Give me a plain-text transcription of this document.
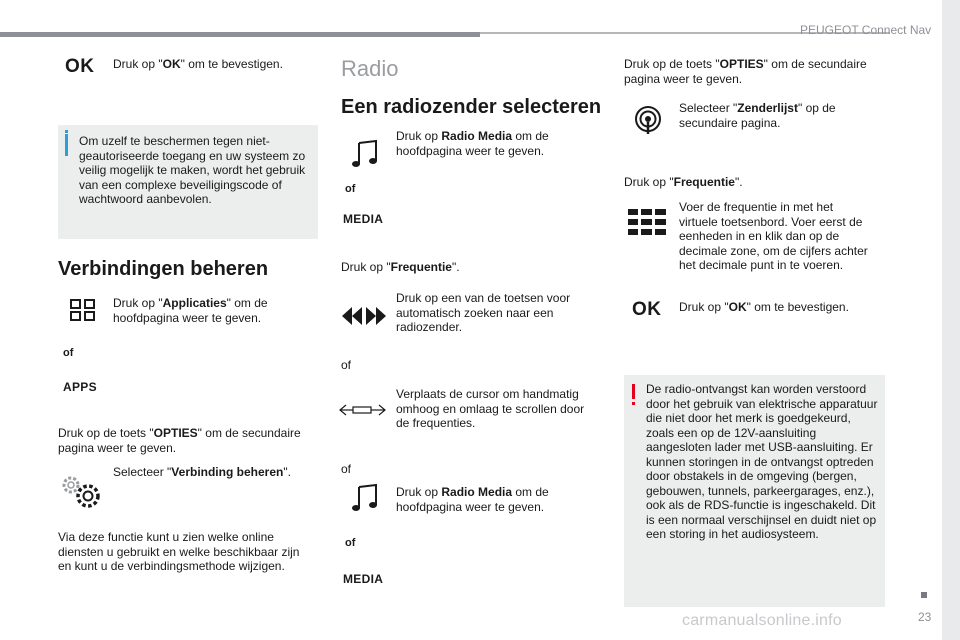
PEUGEOT Connect Nav
23
carmanualsonline.info
OK Druk op "OK" om te bevestigen.
Om uzelf te beschermen tegen niet-geautoriseerde toegang en uw systeem zo veilig mogelijk te maken, wordt het gebruik van een complexe beveiligingscode of wachtwoord aanbevolen.
Verbindingen beheren
Druk op "Applicaties" om de hoofdpagina weer te geven.
of
APPS
Druk op de toets "OPTIES" om de secundaire pagina weer te geven.
Selecteer "Verbinding beheren".
Via deze functie kunt u zien welke online diensten u gebruikt en welke beschikbaar zijn en kunt u de verbindingsmethode wijzigen.
Radio
Een radiozender selecteren
Druk op Radio Media om de hoofdpagina weer te geven.
of
MEDIA
Druk op "Frequentie".
Druk op een van de toetsen voor automatisch zoeken naar een radiozender.
of
Verplaats de cursor om handmatig omhoog en omlaag te scrollen door de frequenties.
of
Druk op Radio Media om de hoofdpagina weer te geven.
of
MEDIA
Druk op de toets "OPTIES" om de secundaire pagina weer te geven.
Selecteer "Zenderlijst" op de secundaire pagina.
Druk op "Frequentie".
Voer de frequentie in met het virtuele toetsenbord. Voer eerst de eenheden in en klik dan op de decimale zone, om de cijfers achter het decimale punt in te voeren.
OK Druk op "OK" om te bevestigen.
De radio-ontvangst kan worden verstoord door het gebruik van elektrische apparatuur die niet door het merk is goedgekeurd, zoals een op de 12V-aansluiting aangesloten lader met USB-aansluiting. Er kunnen storingen in de ontvangst optreden door obstakels in de omgeving (bergen, gebouwen, tunnels, parkeergarages, enz.), ook als de RDS-functie is ingeschakeld. Dit is een normaal verschijnsel en duidt niet op een storing in het audiosysteem.
